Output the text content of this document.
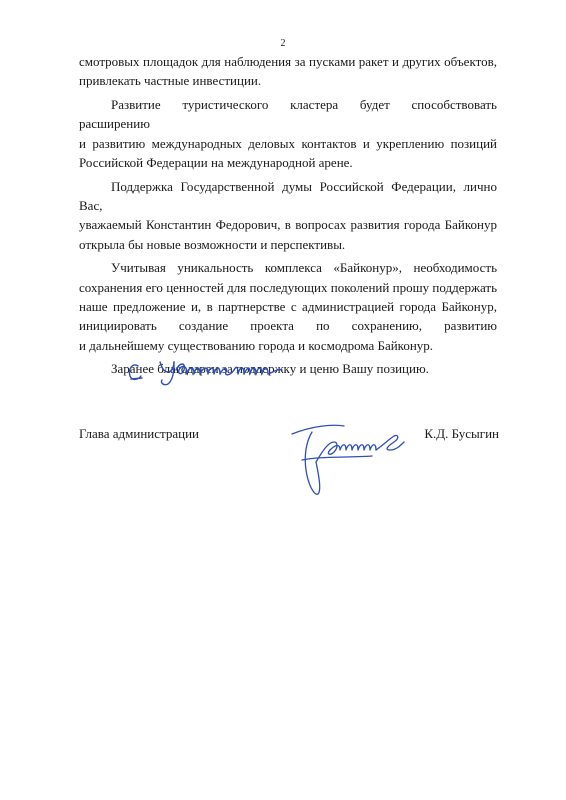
2

смотровых площадок для наблюдения за пусками ракет и других объектов,
привлекать частные инвестиции.

Развитие туристического кластера будет способствовать расширению
и развитию международных деловых контактов и укреплению позиций
Российской Федерации на международной арене.

Поддержка Государственной думы Российской Федерации, лично Вас,
уважаемый Константин Федорович, в вопросах развития города Байконур
открыла бы новые возможности и перспективы.

Учитывая уникальность комплекса «Байконур», необходимость
сохранения его ценностей для последующих поколений прошу поддержать
наше предложение и, в партнерстве с администрацией города Байконур,
инициировать создание проекта по сохранению, развитию
и дальнейшему существованию города и космодрома Байконур.

Заранее благодарен за поддержку и ценю Вашу позицию.

Глава администрации	К.Д. Бусыгин
